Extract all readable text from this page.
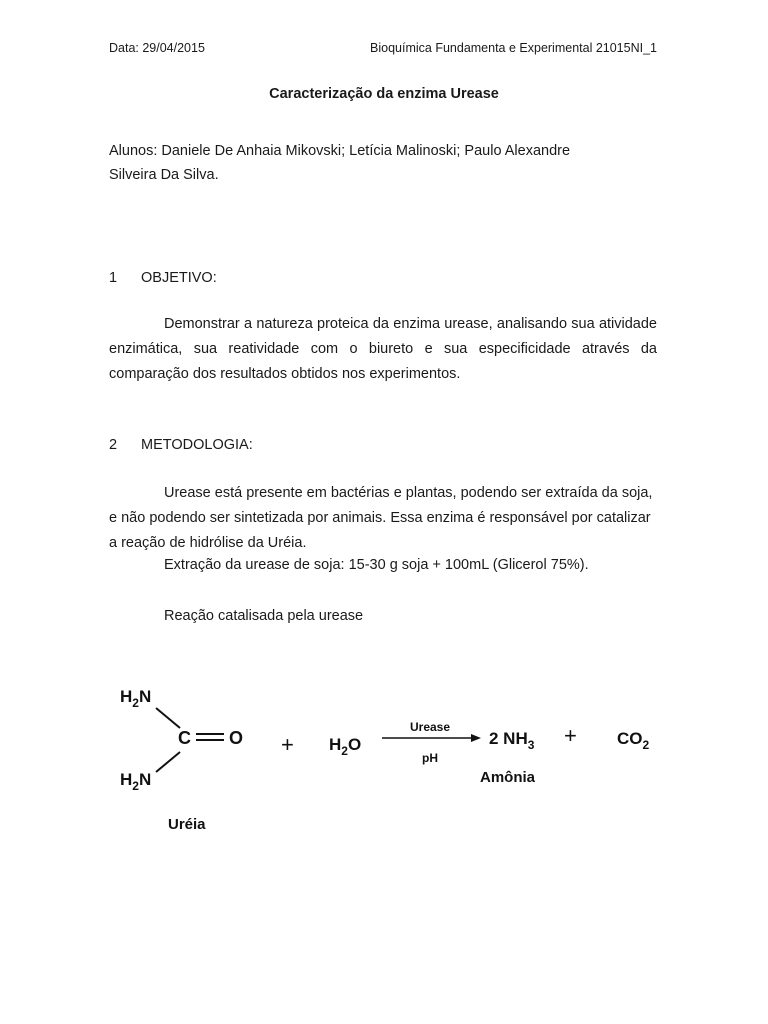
Data: 29/04/2015	Bioquímica Fundamenta e Experimental 21015NI_1
Caracterização da enzima Urease
Alunos: Daniele De Anhaia Mikovski; Letícia Malinoski; Paulo Alexandre
Silveira Da Silva.
1 OBJETIVO:
Demonstrar a natureza proteica da enzima urease, analisando sua atividade enzimática, sua reatividade com o biureto e sua especificidade através da comparação dos resultados obtidos nos experimentos.
2 METODOLOGIA:
Urease está presente em bactérias e plantas, podendo ser extraída da soja, e não podendo ser sintetizada por animais. Essa enzima é responsável por catalizar a reação de hidrólise da Uréia.
Extração da urease de soja: 15-30 g soja + 100mL (Glicerol 75%).
Reação catalisada pela urease
$H_2N$
C O
$H_2N$
+ $H_2O$
Urease
pH
2 $NH_3 + CO_2$
Amônia
Uréia
